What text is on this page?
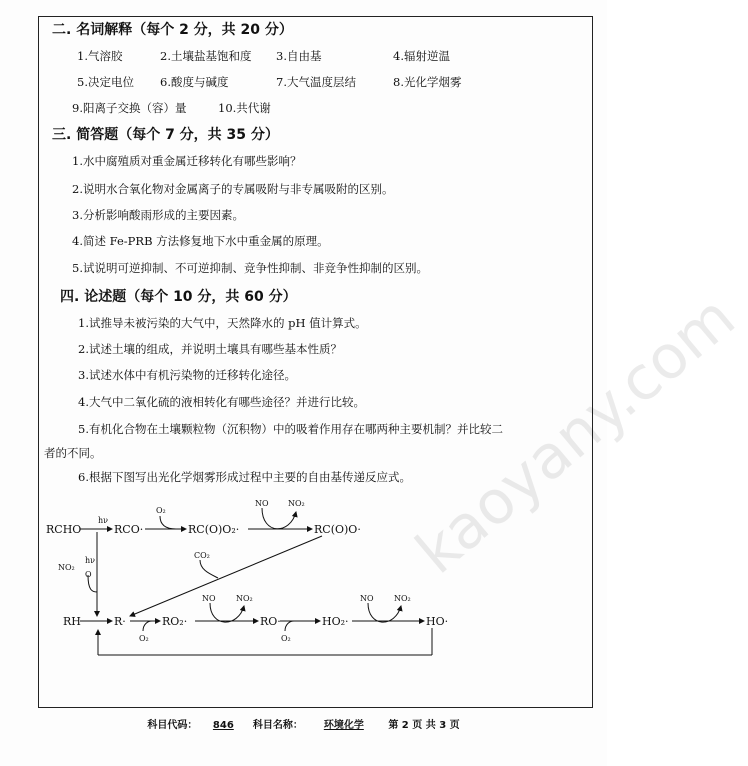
kaoyany.com
二. 名词解释（每个 2 分，共 20 分）
1.气溶胶	2.土壤盐基饱和度 3.自由基	4.辐射逆温
5.决定电位 6.酸度与碱度	7.大气温度层结	8.光化学烟雾
9.阳离子交换（容）量	10.共代谢
三. 简答题（每个 7 分，共 35 分）
1.水中腐殖质对重金属迁移转化有哪些影响？
2.说明水合氧化物对金属离子的专属吸附与非专属吸附的区别。
3.分析影响酸雨形成的主要因素。
4.简述 Fe-PRB 方法修复地下水中重金属的原理。
5.试说明可逆抑制、不可逆抑制、竞争性抑制、非竞争性抑制的区别。
四. 论述题（每个 10 分，共 60 分）
1.试推导未被污染的大气中，天然降水的 pH 值计算式。
2.试述土壤的组成，并说明土壤具有哪些基本性质？
3.试述水体中有机污染物的迁移转化途径。
4.大气中二氧化硫的液相转化有哪些途径？并进行比较。
5.有机化合物在土壤颗粒物（沉积物）中的吸着作用存在哪两种主要机制？并比较二
者的不同。
6.根据下图写出光化学烟雾形成过程中主要的自由基传递反应式。
RCHO
hν
RCO·
O₂
RC(O)O₂·
NO NO₂
RC(O)O·
NO₂
hν
O
CO₂
RH	R·	RO₂·	RO·	HO₂·	HO·
NO	NO₂	NO	NO₂
O₂	O₂
科目代码： 846 科目名称： 环境化学 第 2 页 共 3 页
